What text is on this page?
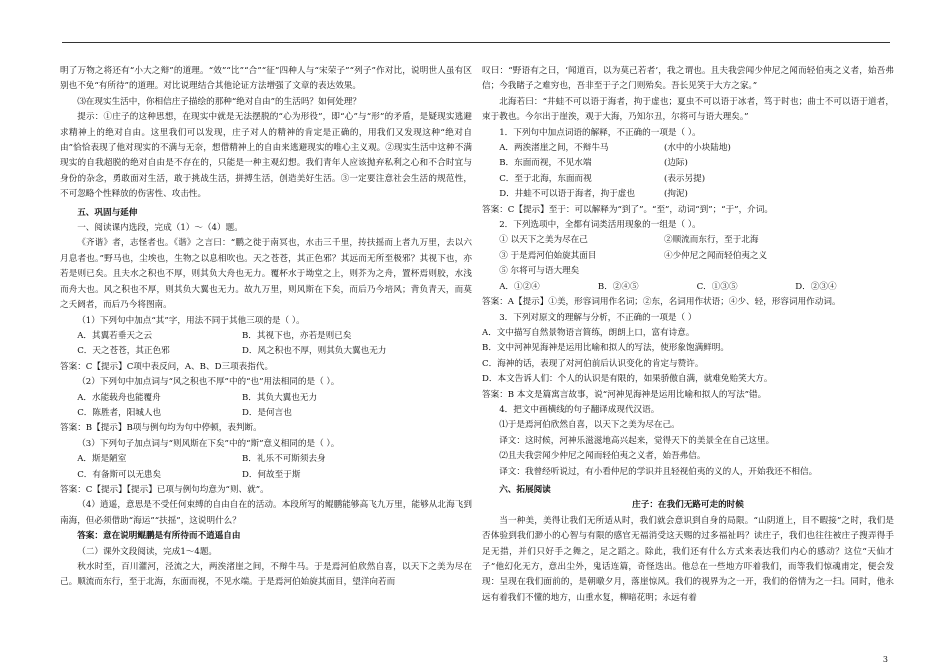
明了万物之将还有“小大之辩”的道理。“效”“比”“合”“征”四种人与“宋荣子”“列子”作对比，说明世人虽有区别也不免“有所待”的道理。对比说理结合其他论证方法增强了文章的表达效果。

⑶在现实生活中，你相信庄子描绘的那种“绝对自由”的生活吗？如何处理？

提示：①庄子的这种思想，在现实中就是无法摆脱的“心为形役”，即“心”与“形”的矛盾，是疑现实逃避求精神上的绝对自由。这里我们可以发现，庄子对人的精神的肯定是正确的，用我们又发现这种“绝对自由”恰恰表现了他对现实的不满与无奈，想借精神上的自由来逃避现实的唯心主义观。②现实生活中这种不满现实的自我超脱的绝对自由是不存在的，只能是一种主观幻想。我们青年人应该抛弃私利之心和不合时宜与身份的杂念，勇敢面对生活，敢于挑战生活，拼搏生活，创造美好生活。③一定要注意社会生活的规范性，不可忽略个性释放的伤害性、攻击性。

五、巩固与延伸

一、阅读课内选段，完成（1）～（4）题。

《齐谐》者，志怪者也。《谐》之言曰：“鹏之徙于南冥也，水击三千里，抟扶摇而上者九万里，去以六月息者也。”野马也，尘埃也，生物之以息相吹也。天之苍苍，其正色邪？其远而无所至极邪？其视下也，亦若是则已矣。且夫水之积也不厚，则其负大舟也无力。覆杯水于坳堂之上，则芥为之舟，置杯焉则胶，水浅而舟大也。风之积也不厚，则其负大翼也无力。故九万里，则风斯在下矣，而后乃今培风；背负青天，而莫之夭阏者，而后乃今将图南。

（1）下列句中加点“其”字，用法不同于其他三项的是（ ）。

A．其翼若垂天之云	B．其视下也，亦若是则已矣
C．天之苍苍，其正色邪	D．风之积也不厚，则其负大翼也无力

答案：C【提示】C项中表反问，A、B、D三项表指代。

（2）下列句中加点词与“风之积也不厚”中的“也”用法相同的是（ ）。

A．水能载舟也能覆舟	B．其负大翼也无力
C．陈胜者，阳城人也	D．是何言也

答案：B【提示】B项与例句均为句中停顿，表判断。

（3）下列句子加点词与“则风斯在下矣”中的“斯”意义相同的是（ ）。

A．斯是陋室	B．礼乐不可斯须去身
C．有备斯可以无患矣	D．何故至于斯

答案：C【提示】【提示】已项与例句均意为“则、就”。

（4）逍遥，意思是不受任何束缚的自由自在的活动。本段所写的鲲鹏能够高飞九万里，能够从北海飞到南海，但必须借助“海运”“扶摇”，这说明什么？

答案：意在说明鲲鹏是有所待而不逍遥自由

（二）课外文段阅读，完成1～4题。

秋水时至，百川灌河，泾流之大，两涘渚崖之间，不辩牛马。于是焉河伯欣然自喜，以天下之美为尽在己。顺流而东行，至于北海，东面而视，不见水端。于是焉河伯始旋其面目，望洋向若而

叹曰：“野语有之曰，‘闻道百，以为莫己若者’，我之谓也。且夫我尝闻少仲尼之闻而轻伯夷之义者，始吾弗信；今我睹子之难穷也，吾非至于子之门则殆矣。吾长见笑于大方之家。”

北海若曰：“井蛙不可以语于海者，拘于虚也；夏虫不可以语于冰者，笃于时也；曲士不可以语于道者，束于教也。今尔出于崖涘，观于大海，乃知尔丑，尔将可与语大理矣。”

1．下列句中加点词语的解释，不正确的一项是（ ）。

A．两涘渚崖之间，不辩牛马	(水中的小块陆地)
B．东面而视，不见水端	(边际)
C．至于北海，东面而视	(表示另提)
D．井蛙不可以语于海者，拘于虚也	(拘泥)

答案：C【提示】至于：可以解释为“到了”。“至”，动词“到”；“于”，介词。

2．下列选项中，全都有词类活用现象的一组是（ ）。

① 以天下之美为尽在己	②顺流而东行，至于北海
③ 于是焉河伯始旋其面目	④少仲尼之闻而轻伯夷之义

⑤ 尔将可与语大理矣

A．①②④	B．②④⑤	C．①③⑤	D．②③④

答案：A【提示】①美，形容词用作名词；②东，名词用作状语；④少、轻，形容词用作动词。

3．下列对原文的理解与分析，不正确的一项是（ ）

A．文中描写自然景物语言简练，朗朗上口，富有诗意。

B．文中河神见海神是运用比喻和拟人的写法，使形象饱满鲜明。

C．海神的话，表现了对河伯前后认识变化的肯定与赞许。

D．本文告诉人们：个人的认识是有限的，如果骄傲自满，就难免贻笑大方。

答案：B 本文是篇寓言故事，说“河神见海神是运用比喻和拟人的写法”错。

4．把文中画横线的句子翻译成现代汉语。

⑴于是焉河伯欣然自喜，以天下之美为尽在己。

译文：这时候，河神乐滋滋地高兴起来，觉得天下的美景全在自己这里。

⑵且夫我尝闻少仲尼之闻而轻伯夷之义者，始吾弗信。

译文：我曾经听说过，有小看仲尼的学识并且轻视伯夷的义的人，开始我还不相信。

六、拓展阅读

庄子：在我们无路可走的时候

当一种美，美得让我们无所适从时，我们就会意识到自身的局限。“山阴道上，目不暇接”之时，我们是否体验到我们渺小的心智与有限的感官无福消受这天赐的过多福祉吗？读庄子，我们也往往被庄子搜弄得手足无措，并们只好手之舞之，足之蹈之。除此，我们还有什么方式来表达我们内心的感动？这位“天仙才子”他幻化无方，意出尘外，鬼话连篇，奇怪迭出。他总在一些地方吓着我们，而等我们惊魂甫定，便会发现：呈现在我们面前的，是朝暾夕月，落崖惊风。我们的视界为之一开，我们的俗情为之一扫。同时，他永远有着我们不懂的地方，山重水复，柳暗花明；永远有着

3
